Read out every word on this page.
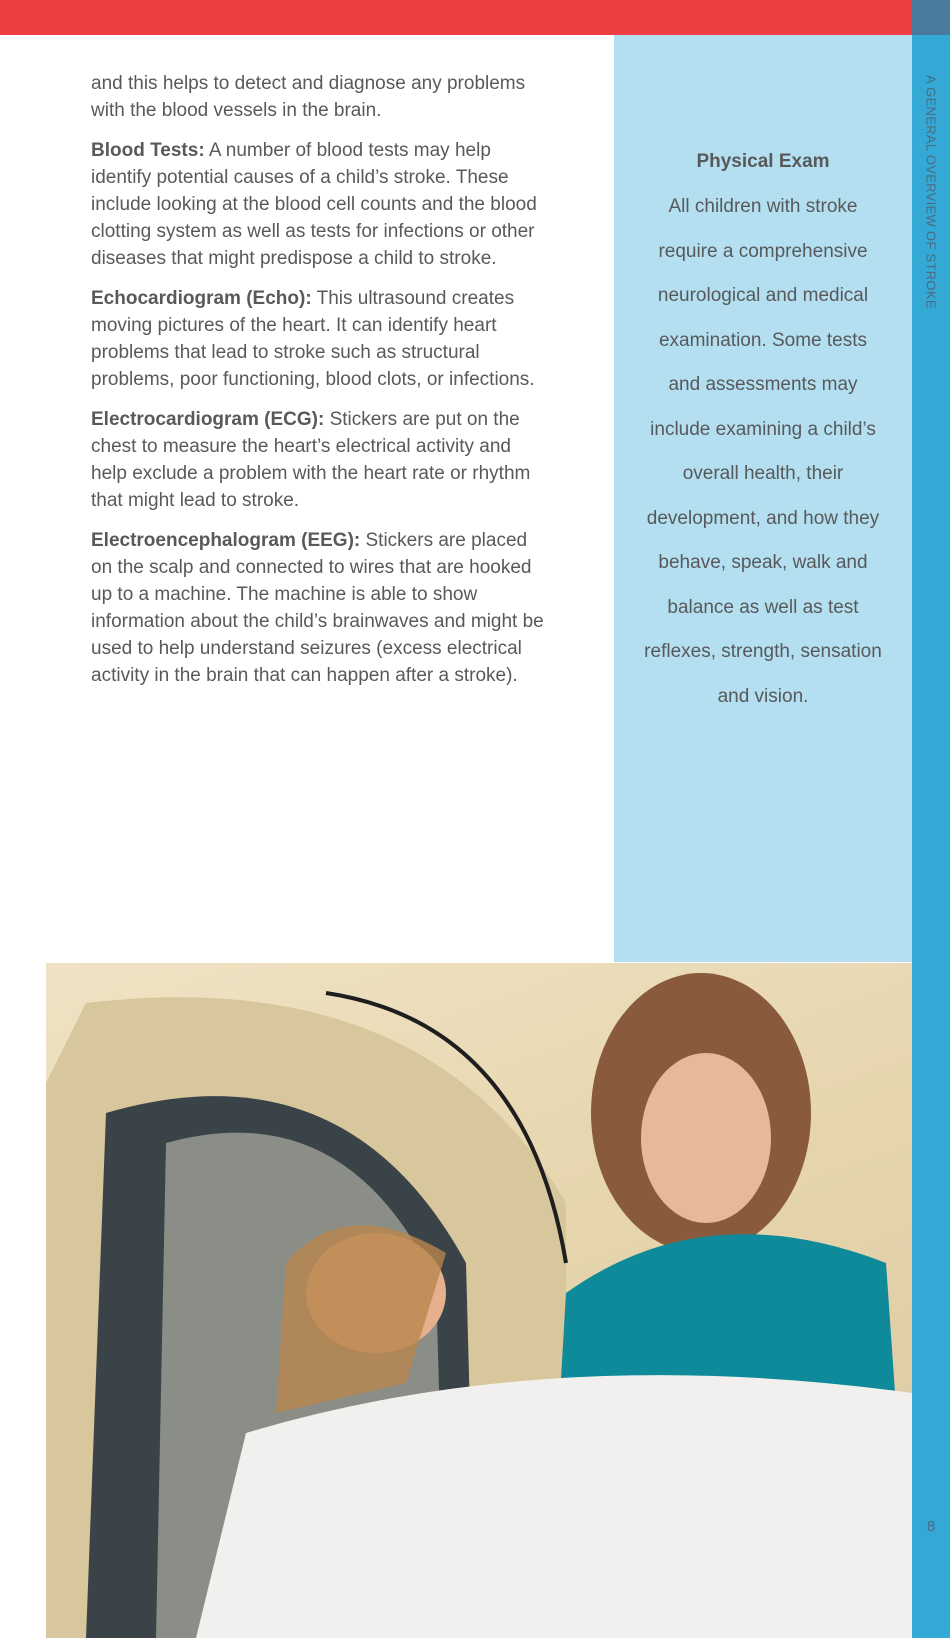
A GENERAL OVERVIEW OF STROKE
8

and this helps to detect and diagnose any problems with the blood vessels in the brain.

Blood Tests: A number of blood tests may help identify potential causes of a child’s stroke. These include looking at the blood cell counts and the blood clotting system as well as tests for infections or other diseases that might predispose a child to stroke.

Echocardiogram (Echo): This ultrasound creates moving pictures of the heart. It can identify heart problems that lead to stroke such as structural problems, poor functioning, blood clots, or infections.

Electrocardiogram (ECG): Stickers are put on the chest to measure the heart’s electrical activity and help exclude a problem with the heart rate or rhythm that might lead to stroke.

Electroencephalogram (EEG): Stickers are placed on the scalp and connected to wires that are hooked up to a machine. The machine is able to show information about the child’s brainwaves and might be used to help understand seizures (excess electrical activity in the brain that can happen after a stroke).

Physical Exam

All children with stroke require a comprehensive neurological and medical examination. Some tests and assessments may include examining a child’s overall health, their development, and how they behave, speak, walk and balance as well as test reflexes, strength, sensation and vision.
